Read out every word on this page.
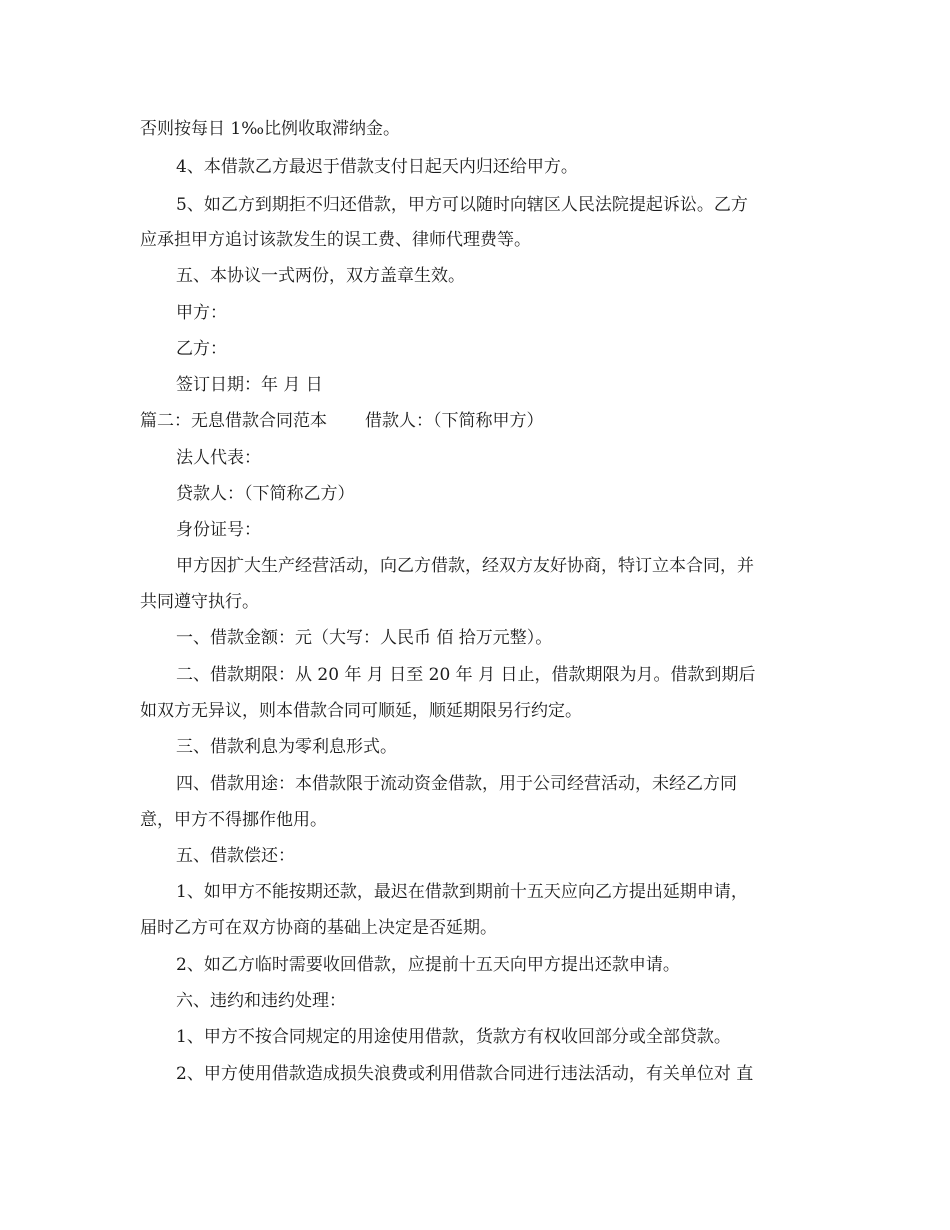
否则按每日 1‰比例收取滞纳金。
4、本借款乙方最迟于借款支付日起天内归还给甲方。
5、如乙方到期拒不归还借款，甲方可以随时向辖区人民法院提起诉讼。乙方
应承担甲方追讨该款发生的误工费、律师代理费等。
五、本协议一式两份，双方盖章生效。
甲方：
乙方：
签订日期：年 月 日
篇二：无息借款合同范本 借款人：（下简称甲方）
法人代表：
贷款人：（下简称乙方）
身份证号：
甲方因扩大生产经营活动，向乙方借款，经双方友好协商，特订立本合同，并
共同遵守执行。
一、借款金额：元（大写：人民币 佰 拾万元整）。
二、借款期限：从 20 年 月 日至 20 年 月 日止，借款期限为月。借款到期后
如双方无异议，则本借款合同可顺延，顺延期限另行约定。
三、借款利息为零利息形式。
四、借款用途：本借款限于流动资金借款，用于公司经营活动，未经乙方同
意，甲方不得挪作他用。
五、借款偿还：
1、如甲方不能按期还款，最迟在借款到期前十五天应向乙方提出延期申请，
届时乙方可在双方协商的基础上决定是否延期。
2、如乙方临时需要收回借款，应提前十五天向甲方提出还款申请。
六、违约和违约处理：
1、甲方不按合同规定的用途使用借款，货款方有权收回部分或全部贷款。
2、甲方使用借款造成损失浪费或利用借款合同进行违法活动，有关单位对 直
